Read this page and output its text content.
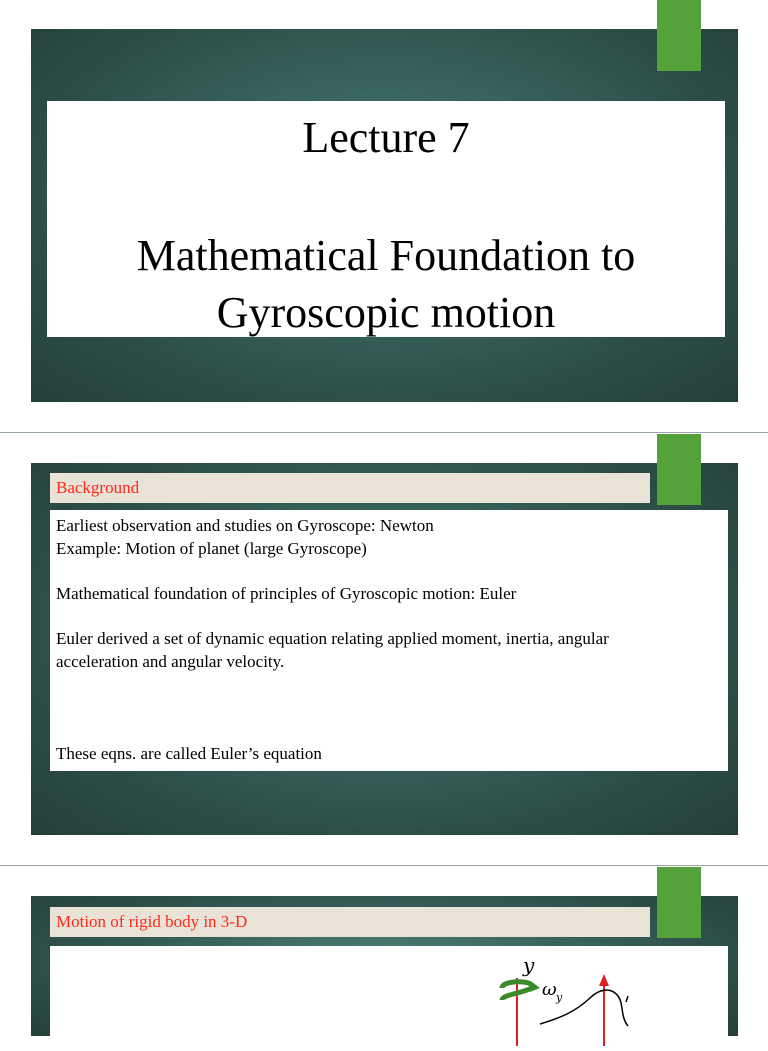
Lecture 7
Mathematical Foundation to
Gyroscopic motion
Background

Earliest observation and studies on Gyroscope: Newton

Example: Motion of planet (large Gyroscope)

Mathematical foundation of principles of Gyroscopic motion: Euler

Euler derived a set of dynamic equation relating applied moment, inertia, angular

acceleration and angular velocity.

These eqns. are called Euler’s equation

Motion of rigid body in 3-D
y
ω y
